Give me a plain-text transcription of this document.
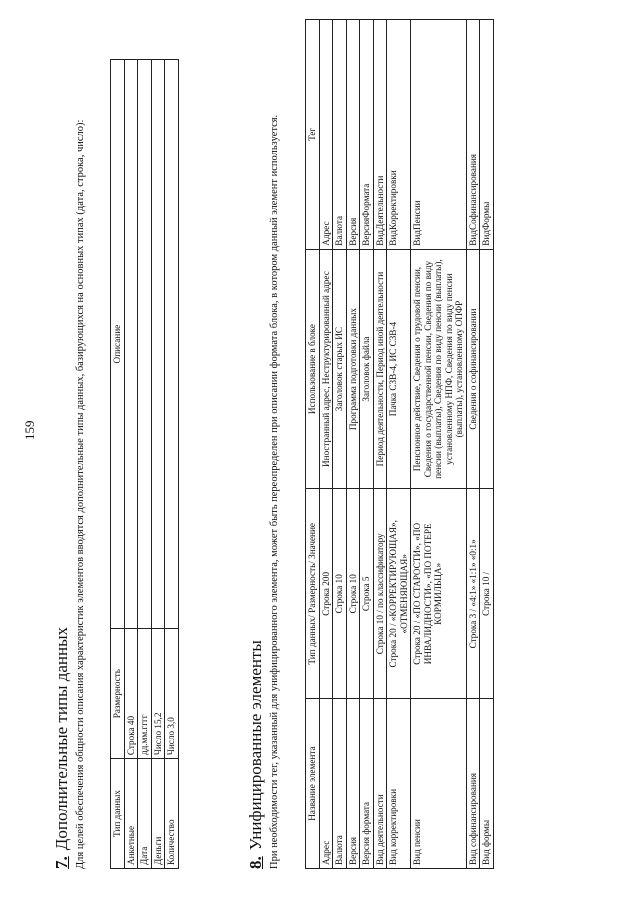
159
7.Дополнительные типы данных Для целей обеспечения общности описания характеристик элементов вводятся дополнительные типы данных, базирующихся на основных типах (дата, строка, число):	Тип данных	Размерность	Описание
Анкетные	Строка 40	
Дата	дд.мм.гггг	
Деньги	Число 15,2	
Количество	Число 3,0	
8.Унифицированные элементы При необходимости тег, указанный для унифицированного элемента, может быть переопределен при описании формата блока, в котором данный элемент используется.	Название элемента	Тип данных/ Размерность/ Значение	Использование в блоке	Тег
Адрес	Строка 200	Иностранный адрес, Неструктурированный адрес	Адрес
Валюта	Строка 10	Заголовок старых ИС	Валюта
Версия	Строка 10	Программа подготовки данных	Версия
Версия формата	Строка 5	Заголовок файла	ВерсияФормата
Вид деятельности	Строка 10 / по классификатору	Период деятельности, Период иной деятельности	ВидДеятельности
Вид корректировки	Строка 20 / «КОРРЕКТИРУЮЩАЯ», «ОТМЕНЯЮЩАЯ»	Пачка СЗВ-4, ИС СЗВ-4	ВидКорректировки
Вид пенсии	Строка 20 / «ПО СТАРОСТИ», «ПО ИНВАЛИДНОСТИ», «ПО ПОТЕРЕ КОРМИЛЬЦА»	Пенсионное действие, Сведения о трудовой пенсии, Сведения о государственной пенсии, Сведения по виду пенсии (выплаты), Сведения по виду пенсии (выплаты), установленному НПФ, Сведения по виду пенсии (выплаты), установленному ОПФР	ВидПенсии
Вид софинансирования	Строка 3 / «4:1» «1:1» «0:1»	Сведения о софинансировании	ВидСофинансирования
Вид формы	Строка 10 /		ВидФормы
